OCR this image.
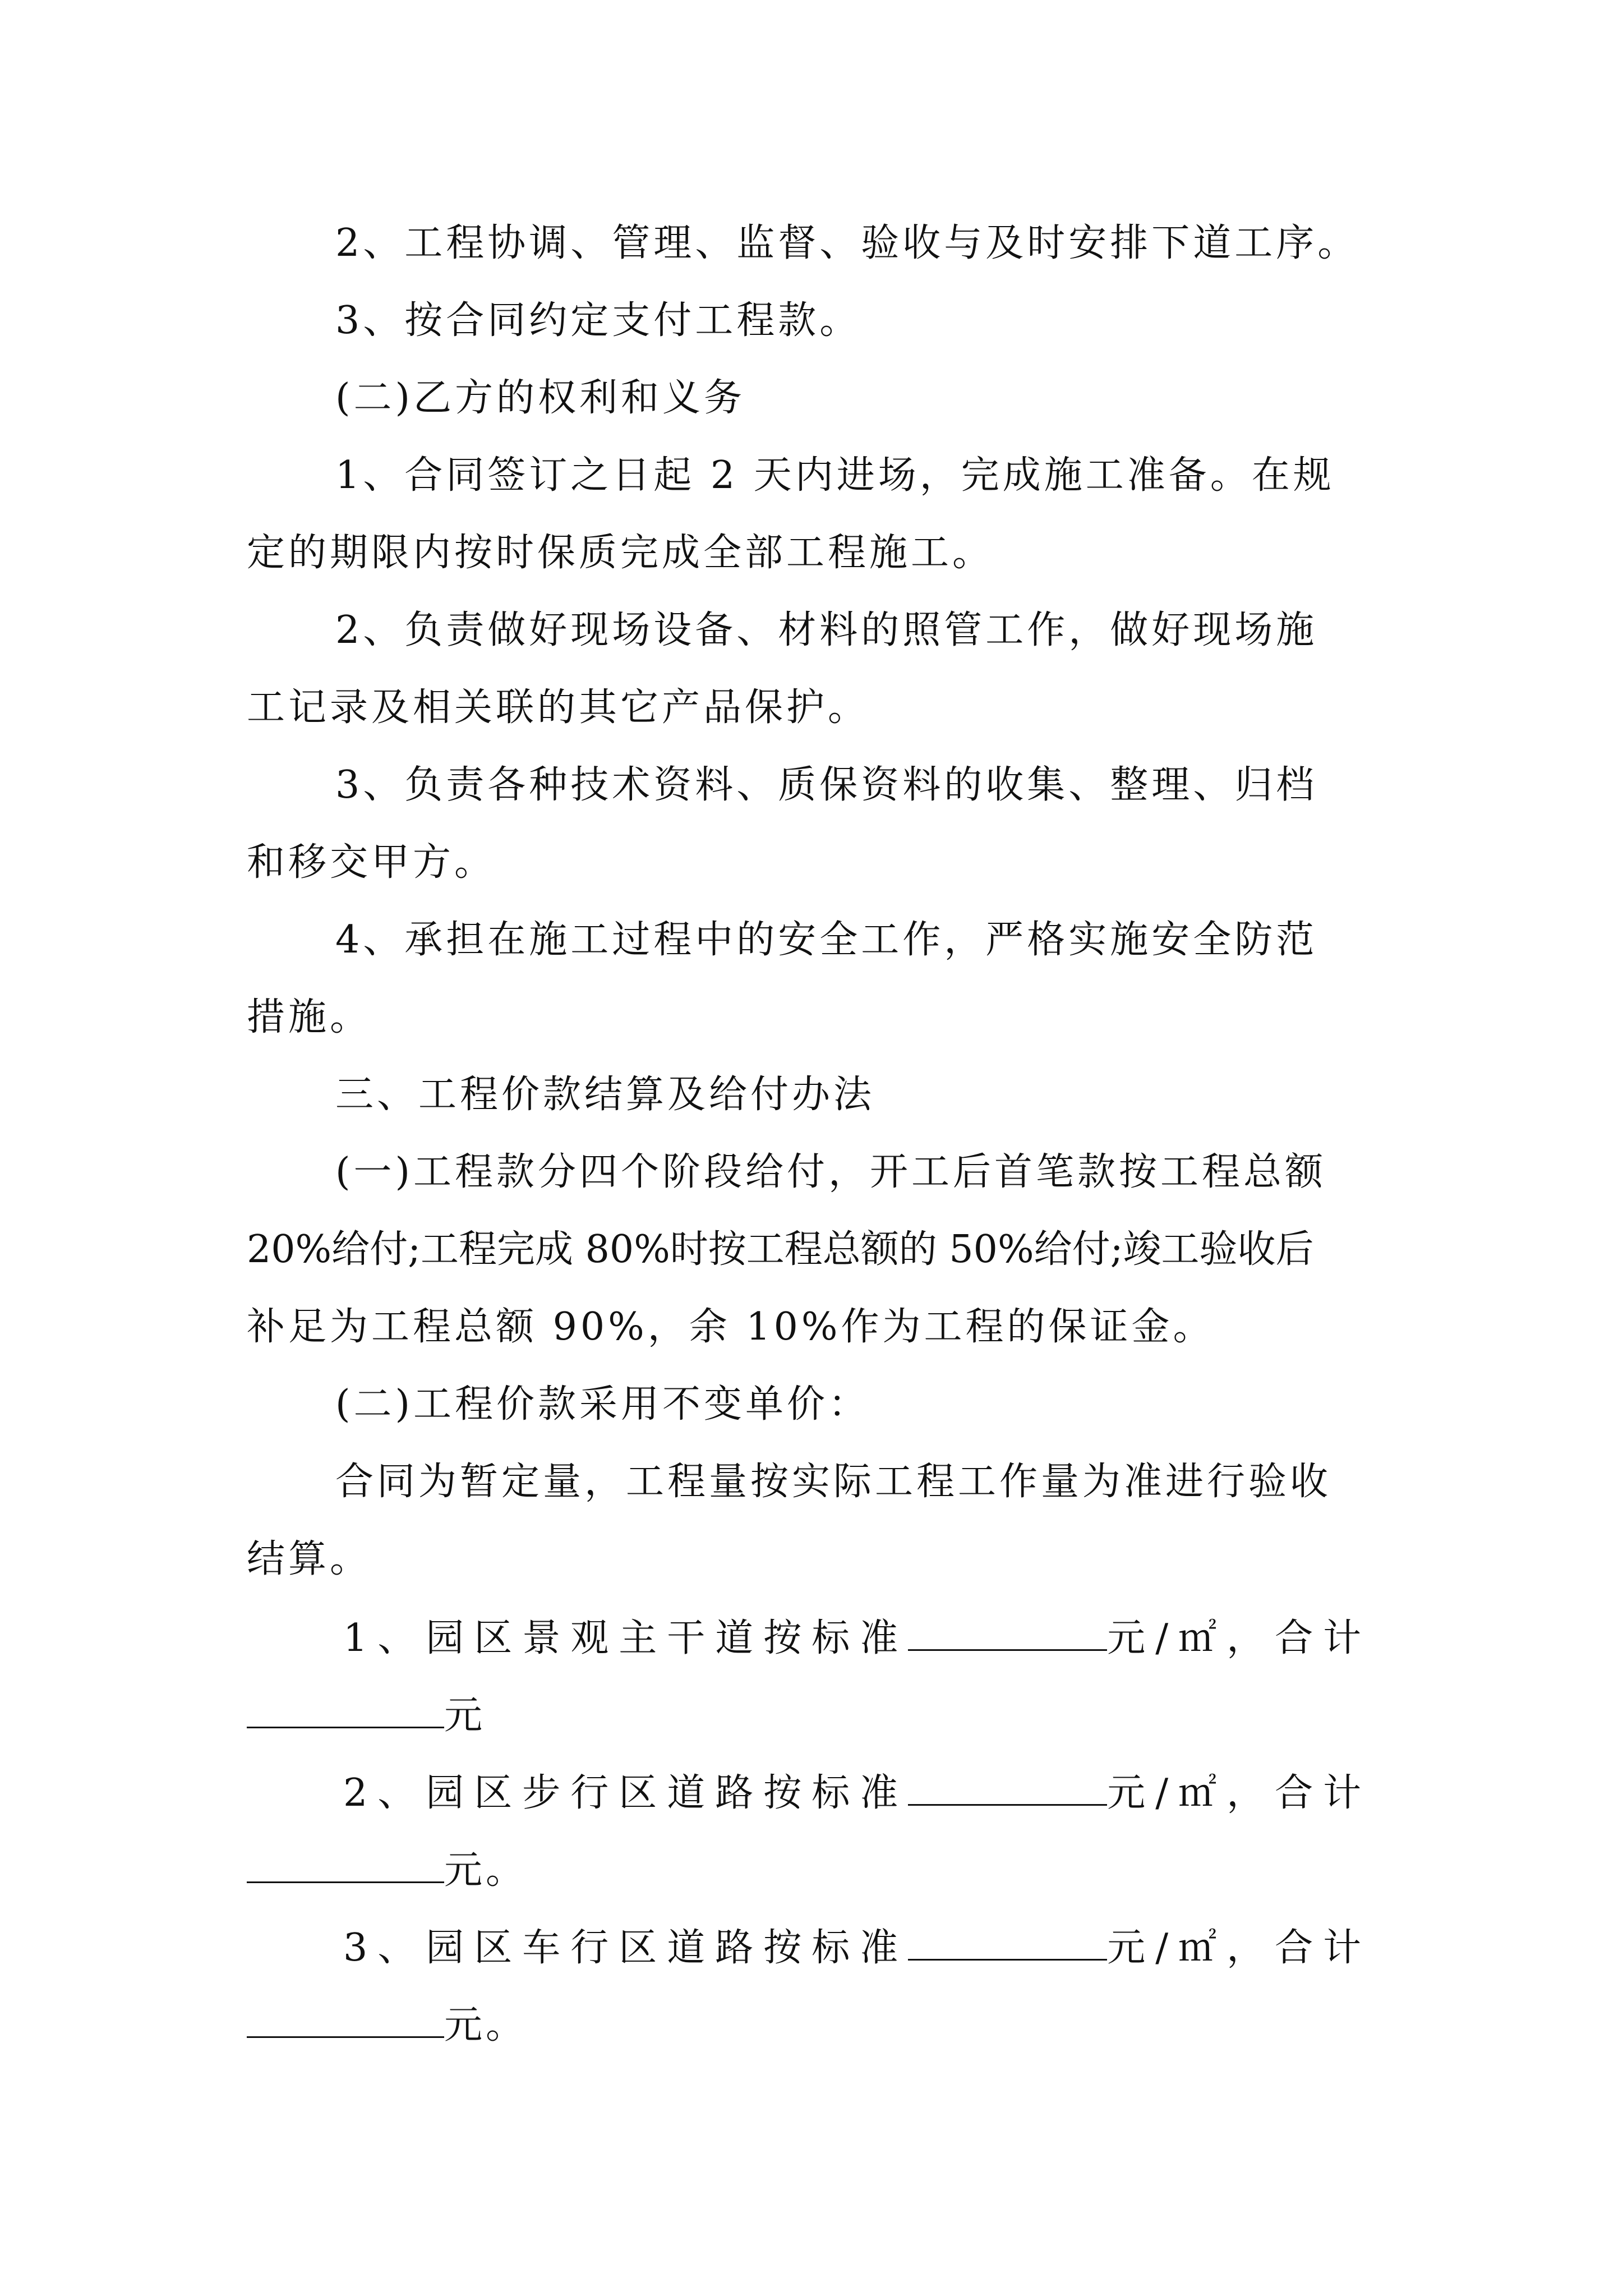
2、工程协调、管理、监督、验收与及时安排下道工序。
3、按合同约定支付工程款。
(二)乙方的权利和义务
1、合同签订之日起 2 天内进场，完成施工准备。在规
定的期限内按时保质完成全部工程施工。
2、负责做好现场设备、材料的照管工作，做好现场施
工记录及相关联的其它产品保护。
3、负责各种技术资料、质保资料的收集、整理、归档
和移交甲方。
4、承担在施工过程中的安全工作，严格实施安全防范
措施。
三、工程价款结算及给付办法
(一)工程款分四个阶段给付，开工后首笔款按工程总额
20%给付;工程完成 80%时按工程总额的 50%给付;竣工验收后
补足为工程总额 90%，余 10%作为工程的保证金。
(二)工程价款采用不变单价：
合同为暂定量，工程量按实际工程工作量为准进行验收
结算。
1、园区景观主干道按标准	元/㎡，合计
元
2、园区步行区道路按标准	元/㎡，合计
元。
3、园区车行区道路按标准	元/㎡，合计
元。
